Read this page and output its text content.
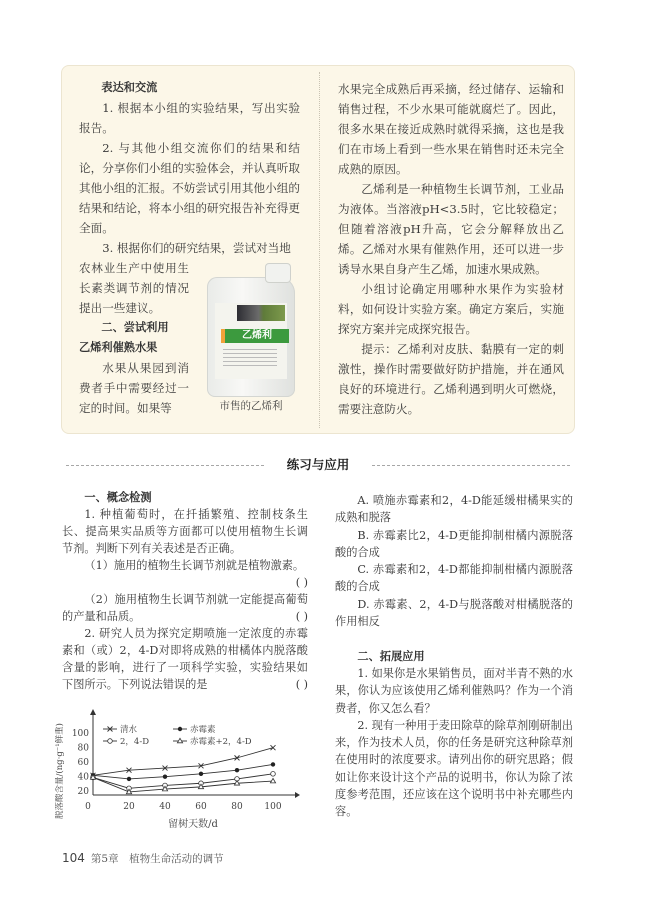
表达和交流

1. 根据本小组的实验结果，写出实验报告。

2. 与其他小组交流你们的结果和结论，分享你们小组的实验体会，并认真听取其他小组的汇报。不妨尝试引用其他小组的结果和结论，将本小组的研究报告补充得更全面。

3. 根据你们的研究结果，尝试对当地

农林业生产中使用生长素类调节剂的情况提出一些建议。

二、尝试利用

乙烯利催熟水果

水果从果园到消费者手中需要经过一定的时间。如果等

乙烯利
市售的乙烯利

水果完全成熟后再采摘，经过储存、运输和销售过程，不少水果可能就腐烂了。因此，很多水果在接近成熟时就得采摘，这也是我们在市场上看到一些水果在销售时还未完全成熟的原因。

乙烯利是一种植物生长调节剂，工业品为液体。当溶液pH<3.5时，它比较稳定；但随着溶液pH升高，它会分解释放出乙烯。乙烯对水果有催熟作用，还可以进一步诱导水果自身产生乙烯，加速水果成熟。

小组讨论确定用哪种水果作为实验材料，如何设计实验方案。确定方案后，实施探究方案并完成探究报告。

提示：乙烯利对皮肤、黏膜有一定的刺激性，操作时需要做好防护措施，并在通风良好的环境进行。乙烯利遇到明火可燃烧，需要注意防火。

练习与应用

一、概念检测

1. 种植葡萄时，在扦插繁殖、控制枝条生长、提高果实品质等方面都可以使用植物生长调节剂。判断下列有关表述是否正确。

（1）施用的植物生长调节剂就是植物激素。
( )

（2）施用植物生长调节剂就一定能提高葡萄的产量和品质。	( )

2. 研究人员为探究定期喷施一定浓度的赤霉素和（或）2，4-D对即将成熟的柑橘体内脱落酸含量的影响，进行了一项科学实验，实验结果如下图所示。下列说法错误的是	( )

20
40
60
80
100
0	20	40	60	80 100
清水	赤霉素
2，4-D	赤霉素+2，4-D
留树天数/d
脱落酸含量/(ng·g⁻¹鲜重)

A. 喷施赤霉素和2，4-D能延缓柑橘果实的成熟和脱落

B. 赤霉素比2，4-D更能抑制柑橘内源脱落酸的合成

C. 赤霉素和2，4-D都能抑制柑橘内源脱落酸的合成

D. 赤霉素、2，4-D与脱落酸对柑橘脱落的作用相反

二、拓展应用

1. 如果你是水果销售员，面对半青不熟的水果，你认为应该使用乙烯利催熟吗？作为一个消费者，你又怎么看？

2. 现有一种用于麦田除草的除草剂刚研制出来，作为技术人员，你的任务是研究这种除草剂在使用时的浓度要求。请列出你的研究思路；假如让你来设计这个产品的说明书，你认为除了浓度参考范围，还应该在这个说明书中补充哪些内容。

104 第5章　植物生命活动的调节
